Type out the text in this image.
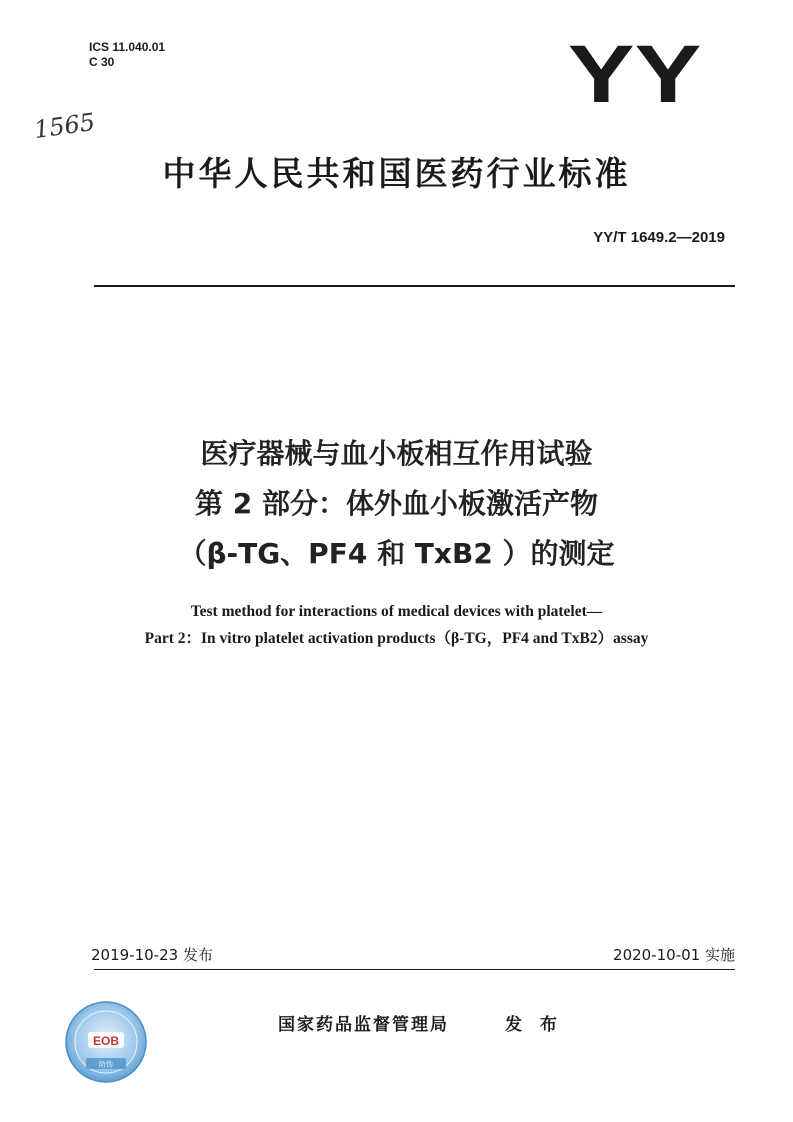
ICS 11.040.01
C 30	YY
1565
中华人民共和国医药行业标准
YY/T 1649.2—2019
医疗器械与血小板相互作用试验
第 2 部分：体外血小板激活产物
（β-TG、PF4 和 TxB2 ）的测定
Test method for interactions of medical devices with platelet—
Part 2：In vitro platelet activation products（β-TG，PF4 and TxB2）assay
2019-10-23 发布	2020-10-01 实施
EOB
防伪
国家药品监督管理局	发 布
